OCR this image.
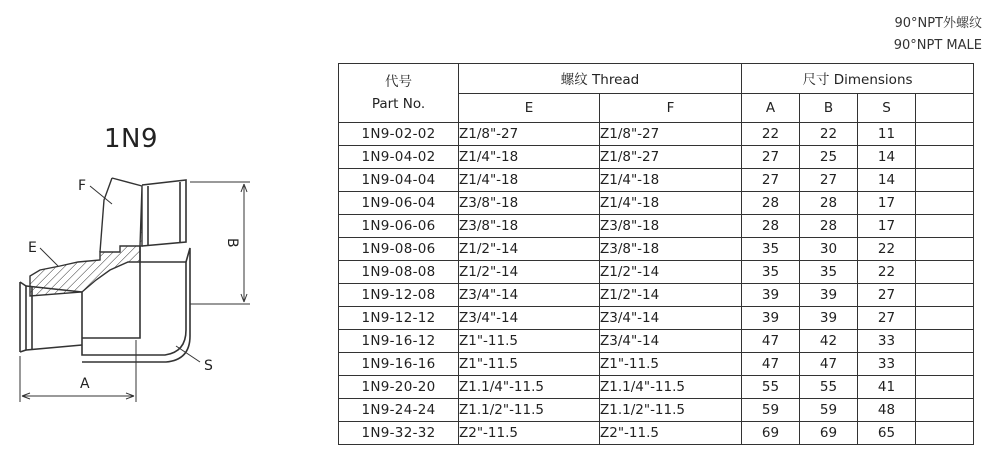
1N9
F
E	B
A
S
90°NPT外螺纹
90°NPT MALE
代号
Part No.	螺纹 Thread		尺寸 Dimensions			
	E	F	A	B	S	
1N9-02-02	Z1/8"-27	Z1/8"-27	22	22	11	
1N9-04-02	Z1/4"-18	Z1/8"-27	27	25	14	
1N9-04-04	Z1/4"-18	Z1/4"-18	27	27	14	
1N9-06-04	Z3/8"-18	Z1/4"-18	28	28	17	
1N9-06-06	Z3/8"-18	Z3/8"-18	28	28	17	
1N9-08-06	Z1/2"-14	Z3/8"-18	35	30	22	
1N9-08-08	Z1/2"-14	Z1/2"-14	35	35	22	
1N9-12-08	Z3/4"-14	Z1/2"-14	39	39	27	
1N9-12-12	Z3/4"-14	Z3/4"-14	39	39	27	
1N9-16-12	Z1"-11.5	Z3/4"-14	47	42	33	
1N9-16-16	Z1"-11.5	Z1"-11.5	47	47	33	
1N9-20-20	Z1.1/4"-11.5	Z1.1/4"-11.5	55	55	41	
1N9-24-24	Z1.1/2"-11.5	Z1.1/2"-11.5	59	59	48	
1N9-32-32	Z2"-11.5	Z2"-11.5	69	69	65	
